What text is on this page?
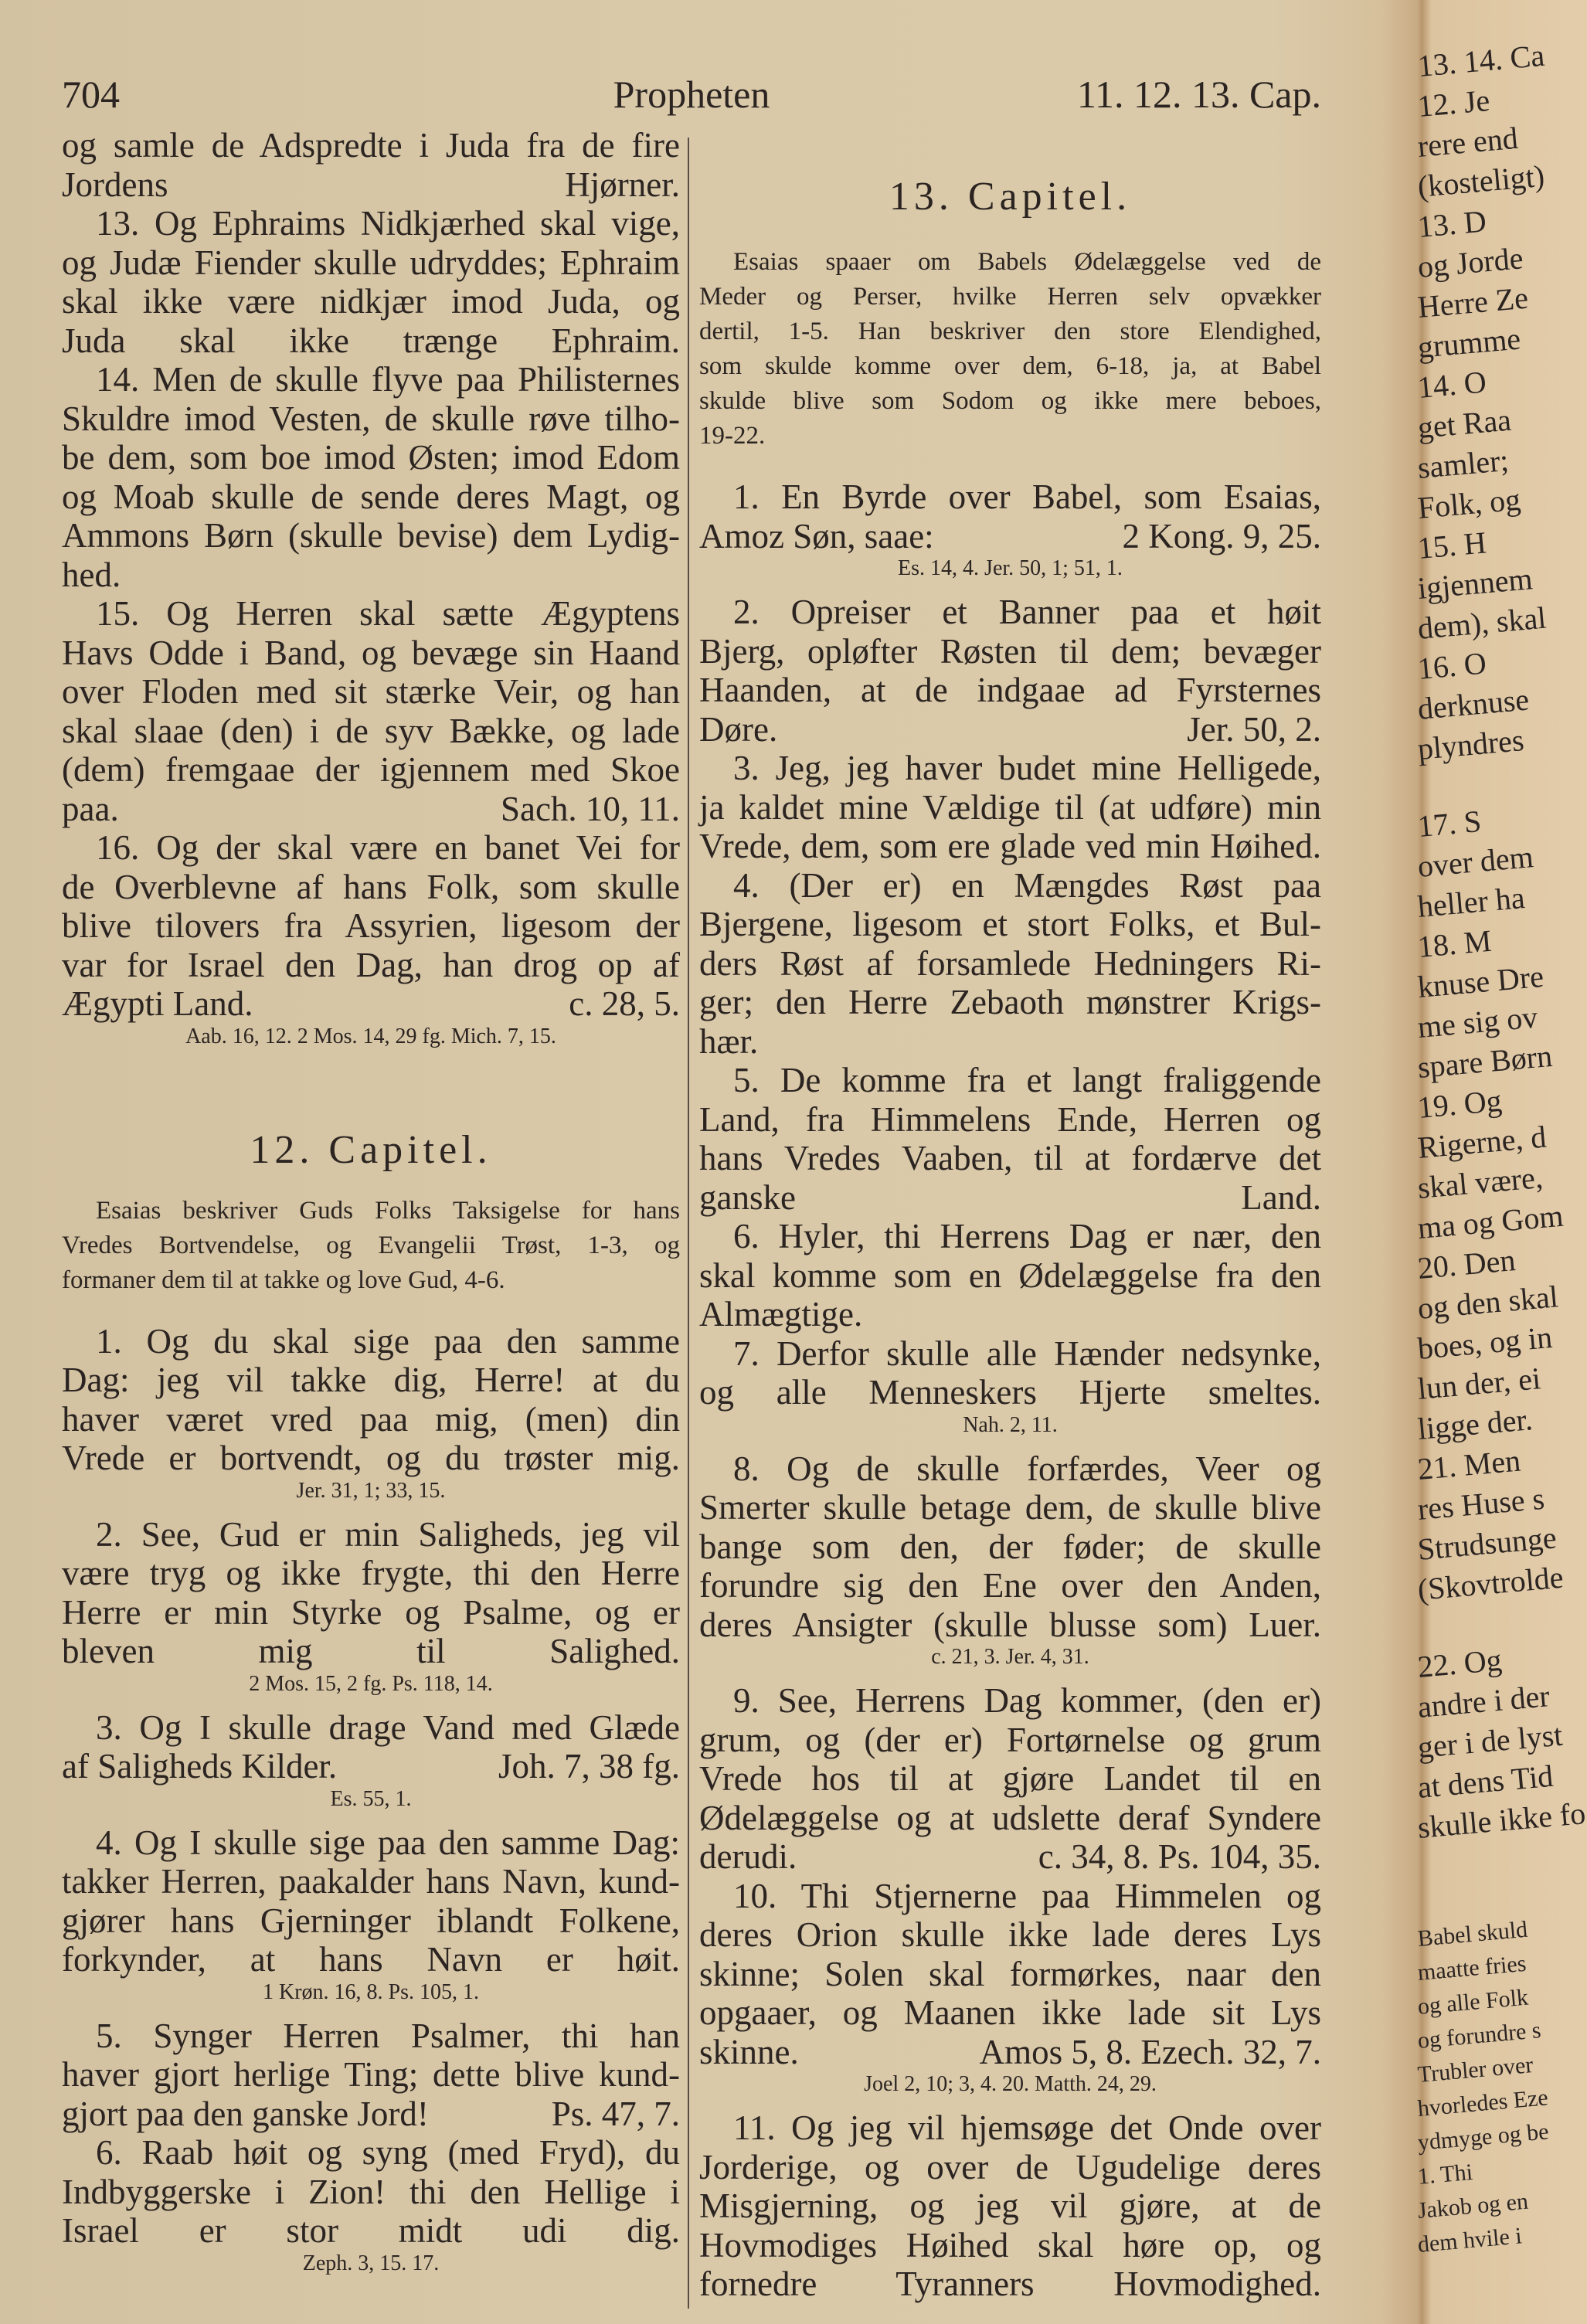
704	Propheten	11. 12. 13. Cap.
og samle de Adspredte i Juda fra de fire
Jordens Hjørner.
13. Og Ephraims Nidkjærhed skal vige,
og Judæ Fiender skulle udryddes; Ephraim
skal ikke være nidkjær imod Juda, og
Juda skal ikke trænge Ephraim.
14. Men de skulle flyve paa Philisternes
Skuldre imod Vesten, de skulle røve tilho-
be dem, som boe imod Østen; imod Edom
og Moab skulle de sende deres Magt, og
Ammons Børn (skulle bevise) dem Lydig-
hed.
15. Og Herren skal sætte Ægyptens
Havs Odde i Band, og bevæge sin Haand
over Floden med sit stærke Veir, og han
skal slaae (den) i de syv Bække, og lade
(dem) fremgaae der igjennem med Skoe
paa.	Sach. 10, 11.
16. Og der skal være en banet Vei for
de Overblevne af hans Folk, som skulle
blive tilovers fra Assyrien, ligesom der
var for Israel den Dag, han drog op af
Ægypti Land.	c. 28, 5.
Aab. 16, 12. 2 Mos. 14, 29 fg. Mich. 7, 15.
12. Capitel.
Esaias beskriver Guds Folks Taksigelse for hans
Vredes Bortvendelse, og Evangelii Trøst, 1-3, og
formaner dem til at takke og love Gud, 4-6.
1. Og du skal sige paa den samme
Dag: jeg vil takke dig, Herre! at du
haver været vred paa mig, (men) din
Vrede er bortvendt, og du trøster mig.
Jer. 31, 1; 33, 15.
2. See, Gud er min Saligheds, jeg vil
være tryg og ikke frygte, thi den Herre
Herre er min Styrke og Psalme, og er
bleven mig til Salighed.
2 Mos. 15, 2 fg. Ps. 118, 14.
3. Og I skulle drage Vand med Glæde
af Saligheds Kilder.	Joh. 7, 38 fg.
Es. 55, 1.
4. Og I skulle sige paa den samme Dag:
takker Herren, paakalder hans Navn, kund-
gjører hans Gjerninger iblandt Folkene,
forkynder, at hans Navn er høit.
1 Krøn. 16, 8. Ps. 105, 1.
5. Synger Herren Psalmer, thi han
haver gjort herlige Ting; dette blive kund-
gjort paa den ganske Jord!	Ps. 47, 7.
6. Raab høit og syng (med Fryd), du
Indbyggerske i Zion! thi den Hellige i
Israel er stor midt udi dig.
Zeph. 3, 15. 17.
13. Capitel.
Esaias spaaer om Babels Ødelæggelse ved de
Meder og Perser, hvilke Herren selv opvækker
dertil, 1-5. Han beskriver den store Elendighed,
som skulde komme over dem, 6-18, ja, at Babel
skulde blive som Sodom og ikke mere beboes,
19-22.
1. En Byrde over Babel, som Esaias,
Amoz Søn, saae:	2 Kong. 9, 25.
Es. 14, 4. Jer. 50, 1; 51, 1.
2. Opreiser et Banner paa et høit
Bjerg, opløfter Røsten til dem; bevæger
Haanden, at de indgaae ad Fyrsternes
Døre.	Jer. 50, 2.
3. Jeg, jeg haver budet mine Helligede,
ja kaldet mine Vældige til (at udføre) min
Vrede, dem, som ere glade ved min Høihed.
4. (Der er) en Mængdes Røst paa
Bjergene, ligesom et stort Folks, et Bul-
ders Røst af forsamlede Hedningers Ri-
ger; den Herre Zebaoth mønstrer Krigs-
hær.
5. De komme fra et langt fraliggende
Land, fra Himmelens Ende, Herren og
hans Vredes Vaaben, til at fordærve det
ganske Land.
6. Hyler, thi Herrens Dag er nær, den
skal komme som en Ødelæggelse fra den
Almægtige.
7. Derfor skulle alle Hænder nedsynke,
og alle Menneskers Hjerte smeltes.
Nah. 2, 11.
8. Og de skulle forfærdes, Veer og
Smerter skulle betage dem, de skulle blive
bange som den, der føder; de skulle
forundre sig den Ene over den Anden,
deres Ansigter (skulle blusse som) Luer.
c. 21, 3. Jer. 4, 31.
9. See, Herrens Dag kommer, (den er)
grum, og (der er) Fortørnelse og grum
Vrede hos til at gjøre Landet til en
Ødelæggelse og at udslette deraf Syndere
derudi.	c. 34, 8. Ps. 104, 35.
10. Thi Stjernerne paa Himmelen og
deres Orion skulle ikke lade deres Lys
skinne; Solen skal formørkes, naar den
opgaaer, og Maanen ikke lade sit Lys
skinne.	Amos 5, 8. Ezech. 32, 7.
Joel 2, 10; 3, 4. 20. Matth. 24, 29.
11. Og jeg vil hjemsøge det Onde over
Jorderige, og over de Ugudelige deres
Misgjerning, og jeg vil gjøre, at de
Hovmodiges Høihed skal høre op, og
fornedre Tyranners Hovmodighed.
13. 14. Ca
12. Je
rere end
(kosteligt)
13. D
og Jorde
Herre Ze
grumme
14. O
get Raa
samler;
Folk, og
15. H
igjennem
dem), skal
16. O
derknuse
plyndres
17. S
over dem
heller ha
18. M
knuse Dre
me sig ov
spare Børn
19. Og
Rigerne, d
skal være,
ma og Gom
20. Den
og den skal
boes, og in
lun der, ei
ligge der.
21. Men
res Huse s
Strudsunge
(Skovtrolde
22. Og
andre i der
ger i de lyst
at dens Tid
skulle ikke fo
Babel skuld
maatte fries
og alle Folk
og forundre s
Trubler over
hvorledes Eze
ydmyge og be
1. Thi
Jakob og en
dem hvile i
